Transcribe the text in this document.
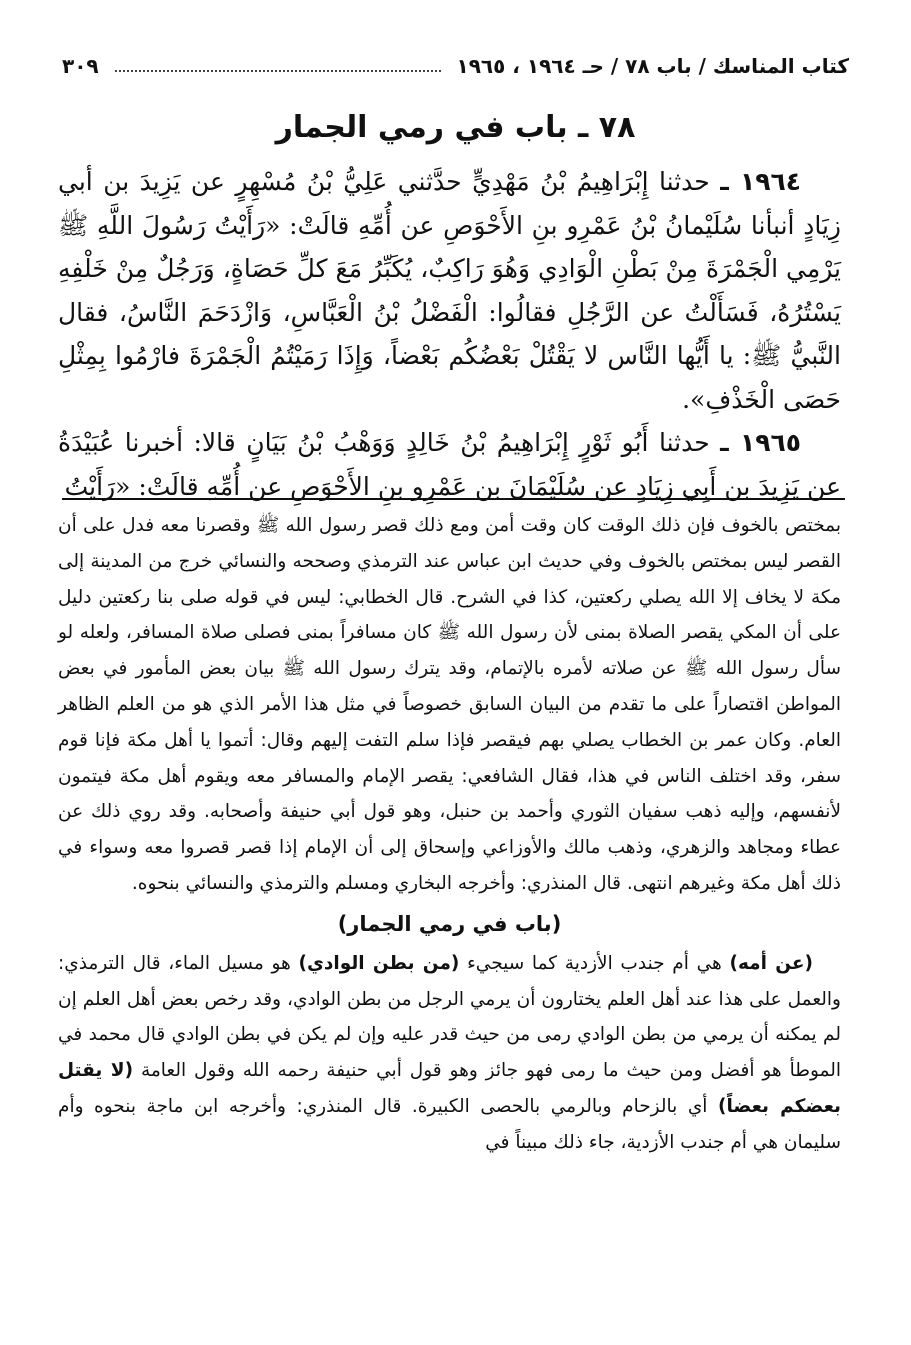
كتاب المناسك / باب ٧٨ / حـ ١٩٦٤ ، ١٩٦٥
٣٠٩
٧٨ ـ باب في رمي الجمار

١٩٦٤ ـ حدثنا إِبْرَاهِيمُ بْنُ مَهْدِيٍّ حدَّثني عَلِيُّ بْنُ مُسْهِرٍ عن يَزِيدَ بن أبي زِيَادٍ أنبأنا سُلَيْمانُ بْنُ عَمْرِو بنِ الأَحْوَصِ عن أُمِّهِ قالَتْ: «رَأَيْتُ رَسُولَ اللَّهِ ﷺ يَرْمِي الْجَمْرَةَ مِنْ بَطْنِ الْوَادِي وَهُوَ رَاكِبٌ، يُكَبِّرُ مَعَ كلِّ حَصَاةٍ، وَرَجُلٌ مِنْ خَلْفِهِ يَسْتُرُهُ، فَسَأَلْتُ عن الرَّجُلِ فقالُوا: الْفَضْلُ بْنُ الْعَبَّاسِ، وَازْدَحَمَ النَّاسُ، فقال النَّبيُّ ﷺ: يا أَيُّها النَّاس لا يَقْتُلْ بَعْضُكُم بَعْضاً، وَإِذَا رَمَيْتُمُ الْجَمْرَةَ فارْمُوا بِمِثْلِ حَصَى الْخَذْفِ».

١٩٦٥ ـ حدثنا أَبُو ثَوْرٍ إِبْرَاهِيمُ بْنُ خَالِدٍ وَوَهْبُ بْنُ بَيَانٍ قالا: أخبرنا عُبَيْدَةُ عن يَزِيدَ بن أَبِي زِيَادٍ عن سُلَيْمَانَ بن عَمْرِو بنِ الأَحْوَصِ عن أُمِّهِ قالَتْ: «رَأَيْتُ

بمختص بالخوف فإن ذلك الوقت كان وقت أمن ومع ذلك قصر رسول الله ﷺ وقصرنا معه فدل على أن القصر ليس بمختص بالخوف وفي حديث ابن عباس عند الترمذي وصححه والنسائي خرج من المدينة إلى مكة لا يخاف إلا الله يصلي ركعتين، كذا في الشرح. قال الخطابي: ليس في قوله صلى بنا ركعتين دليل على أن المكي يقصر الصلاة بمنى لأن رسول الله ﷺ كان مسافراً بمنى فصلى صلاة المسافر، ولعله لو سأل رسول الله ﷺ عن صلاته لأمره بالإتمام، وقد يترك رسول الله ﷺ بيان بعض المأمور في بعض المواطن اقتصاراً على ما تقدم من البيان السابق خصوصاً في مثل هذا الأمر الذي هو من العلم الظاهر العام. وكان عمر بن الخطاب يصلي بهم فيقصر فإذا سلم التفت إليهم وقال: أتموا يا أهل مكة فإنا قوم سفر، وقد اختلف الناس في هذا، فقال الشافعي: يقصر الإمام والمسافر معه ويقوم أهل مكة فيتمون لأنفسهم، وإليه ذهب سفيان الثوري وأحمد بن حنبل، وهو قول أبي حنيفة وأصحابه. وقد روي ذلك عن عطاء ومجاهد والزهري، وذهب مالك والأوزاعي وإسحاق إلى أن الإمام إذا قصر قصروا معه وسواء في ذلك أهل مكة وغيرهم انتهى. قال المنذري: وأخرجه البخاري ومسلم والترمذي والنسائي بنحوه.

(باب في رمي الجمار)

(عن أمه) هي أم جندب الأزدية كما سيجيء (من بطن الوادي) هو مسيل الماء، قال الترمذي: والعمل على هذا عند أهل العلم يختارون أن يرمي الرجل من بطن الوادي، وقد رخص بعض أهل العلم إن لم يمكنه أن يرمي من بطن الوادي رمى من حيث قدر عليه وإن لم يكن في بطن الوادي قال محمد في الموطأ هو أفضل ومن حيث ما رمى فهو جائز وهو قول أبي حنيفة رحمه الله وقول العامة (لا يقتل بعضكم بعضاً) أي بالزحام وبالرمي بالحصى الكبيرة. قال المنذري: وأخرجه ابن ماجة بنحوه وأم سليمان هي أم جندب الأزدية، جاء ذلك مبيناً في
